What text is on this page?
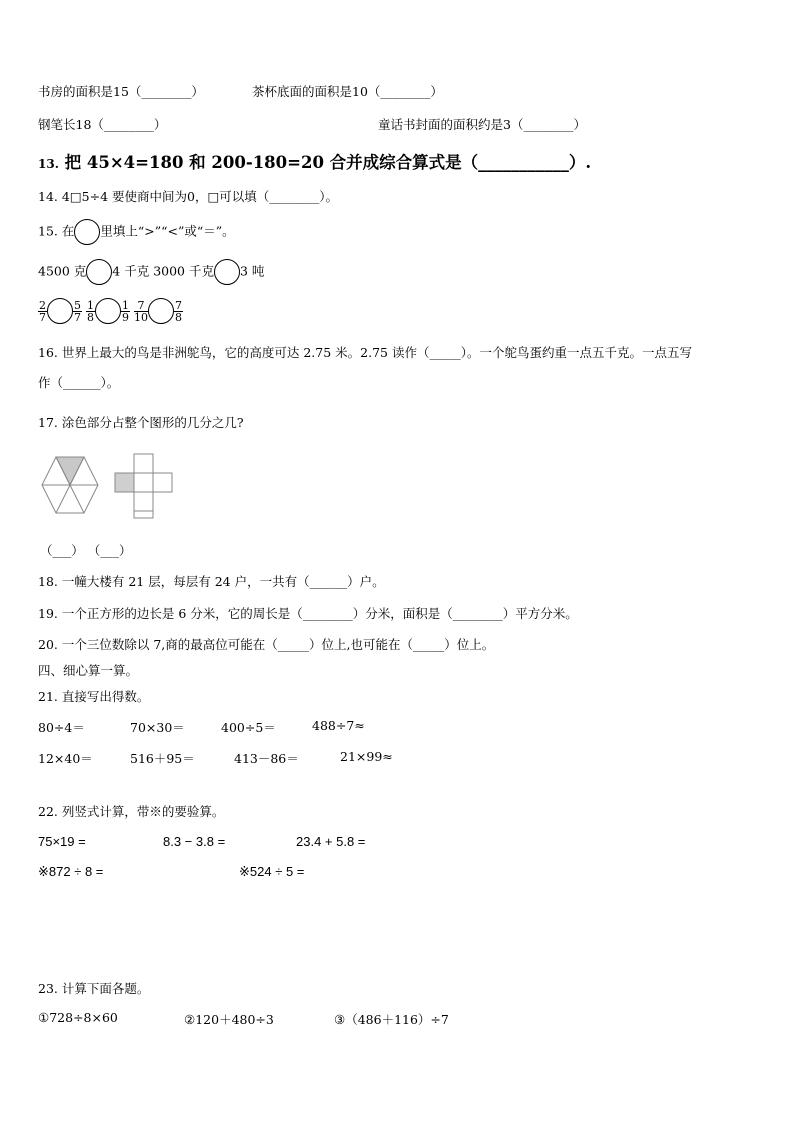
书房的面积是15（________）	茶杯底面的面积是10（________）
钢笔长18（________）	童话书封面的面积约是3（________）
13. 把 45×4=180 和 200-180=20 合并成综合算式是（___________）.
14. 4□5÷4 要使商中间为0，□可以填（________）。
15. 在 里填上“>”“<”或“＝”。
4500 克 4 千克 3000 千克 3 吨
$\frac{2}{7} \frac{5}{7}$
$\frac{1}{8} \frac{1}{9}$
$\frac{7}{10} \frac{7}{8}$
16. 世界上最大的鸟是非洲鸵鸟，它的高度可达 2.75 米。2.75 读作（_____）。一个鸵鸟蛋约重一点五千克。一点五写
作（______）。
17. 涂色部分占整个图形的几分之几?
（___） （___）
18. 一幢大楼有 21 层，每层有 24 户，一共有（______）户。
19. 一个正方形的边长是 6 分米，它的周长是（________）分米，面积是（________）平方分米。
20. 一个三位数除以 7,商的最高位可能在（_____）位上,也可能在（_____）位上。
四、细心算一算。
21. 直接写出得数。
80÷4＝	70×30＝	400÷5＝	488÷7≈
12×40＝	516＋95＝	413－86＝	21×99≈
22. 列竖式计算，带※的要验算。
75×19 =	8.3 − 3.8 =	23.4 + 5.8 =
※872 ÷ 8 =	※524 ÷ 5 =
23. 计算下面各题。
①728÷8×60	②120＋480÷3	③（486＋116）÷7
